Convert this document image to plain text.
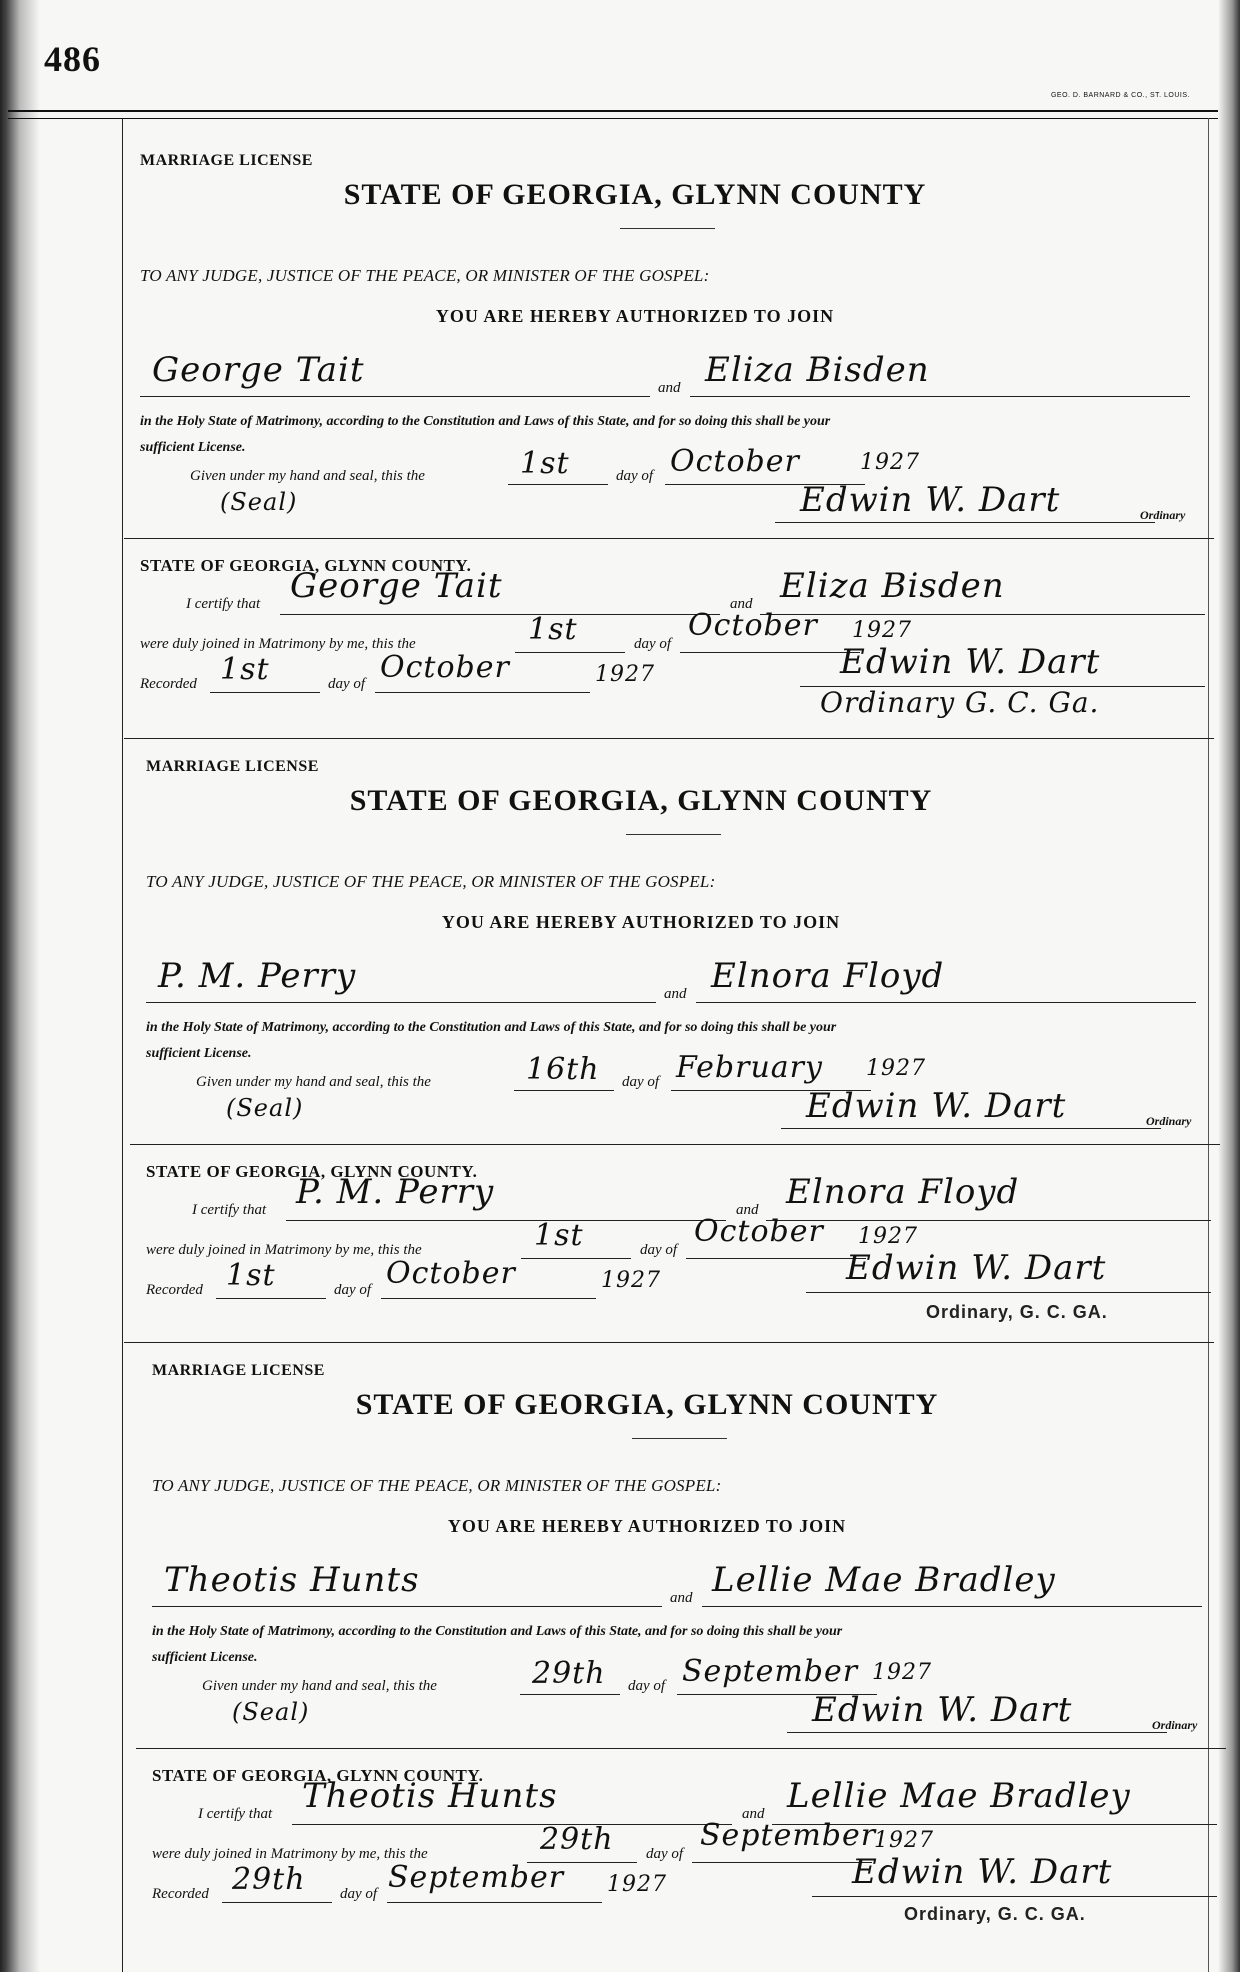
486
GEO. D. BARNARD & CO., ST. LOUIS.
MARRIAGE LICENSE
STATE OF GEORGIA, GLYNN COUNTY
TO ANY JUDGE, JUSTICE OF THE PEACE, OR MINISTER OF THE GOSPEL:
YOU ARE HEREBY AUTHORIZED TO JOIN
George Tait	and Eliza Bisden
in the Holy State of Matrimony, according to the Constitution and Laws of this State, and for so doing this shall be your
sufficient License.
Given under my hand and seal, this the	1st	day of October	1927
(Seal)	Edwin W. Dart	Ordinary
STATE OF GEORGIA, GLYNN COUNTY.
I certify that George Tait	and Eliza Bisden
were duly joined in Matrimony by me, this the	1st	day of
October 1927
Recorded 1st	day of October	1927	Edwin W. Dart
Ordinary G. C. Ga.
MARRIAGE LICENSE
STATE OF GEORGIA, GLYNN COUNTY
TO ANY JUDGE, JUSTICE OF THE PEACE, OR MINISTER OF THE GOSPEL:
YOU ARE HEREBY AUTHORIZED TO JOIN
P. M. Perry	and Elnora Floyd
in the Holy State of Matrimony, according to the Constitution and Laws of this State, and for so doing this shall be your
sufficient License.
Given under my hand and seal, this the	16th day of February 1927
(Seal)	Edwin W. Dart	Ordinary
STATE OF GEORGIA, GLYNN COUNTY.
I certify that P. M. Perry	and Elnora Floyd
were duly joined in Matrimony by me, this the	1st	day of
October 1927
Recorded 1st	day of October	1927	Edwin W. Dart
Ordinary, G. C. GA.
MARRIAGE LICENSE
STATE OF GEORGIA, GLYNN COUNTY
TO ANY JUDGE, JUSTICE OF THE PEACE, OR MINISTER OF THE GOSPEL:
YOU ARE HEREBY AUTHORIZED TO JOIN
Theotis Hunts	and Lellie Mae Bradley
in the Holy State of Matrimony, according to the Constitution and Laws of this State, and for so doing this shall be your
sufficient License.
Given under my hand and seal, this the	29th day of September 1927
(Seal)	Edwin W. Dart	Ordinary
STATE OF GEORGIA, GLYNN COUNTY.
I certify that Theotis Hunts	and Lellie Mae Bradley
were duly joined in Matrimony by me, this the	29th day of
September
1927
Recorded 29th day of September 1927	Edwin W. Dart
Ordinary, G. C. GA.
